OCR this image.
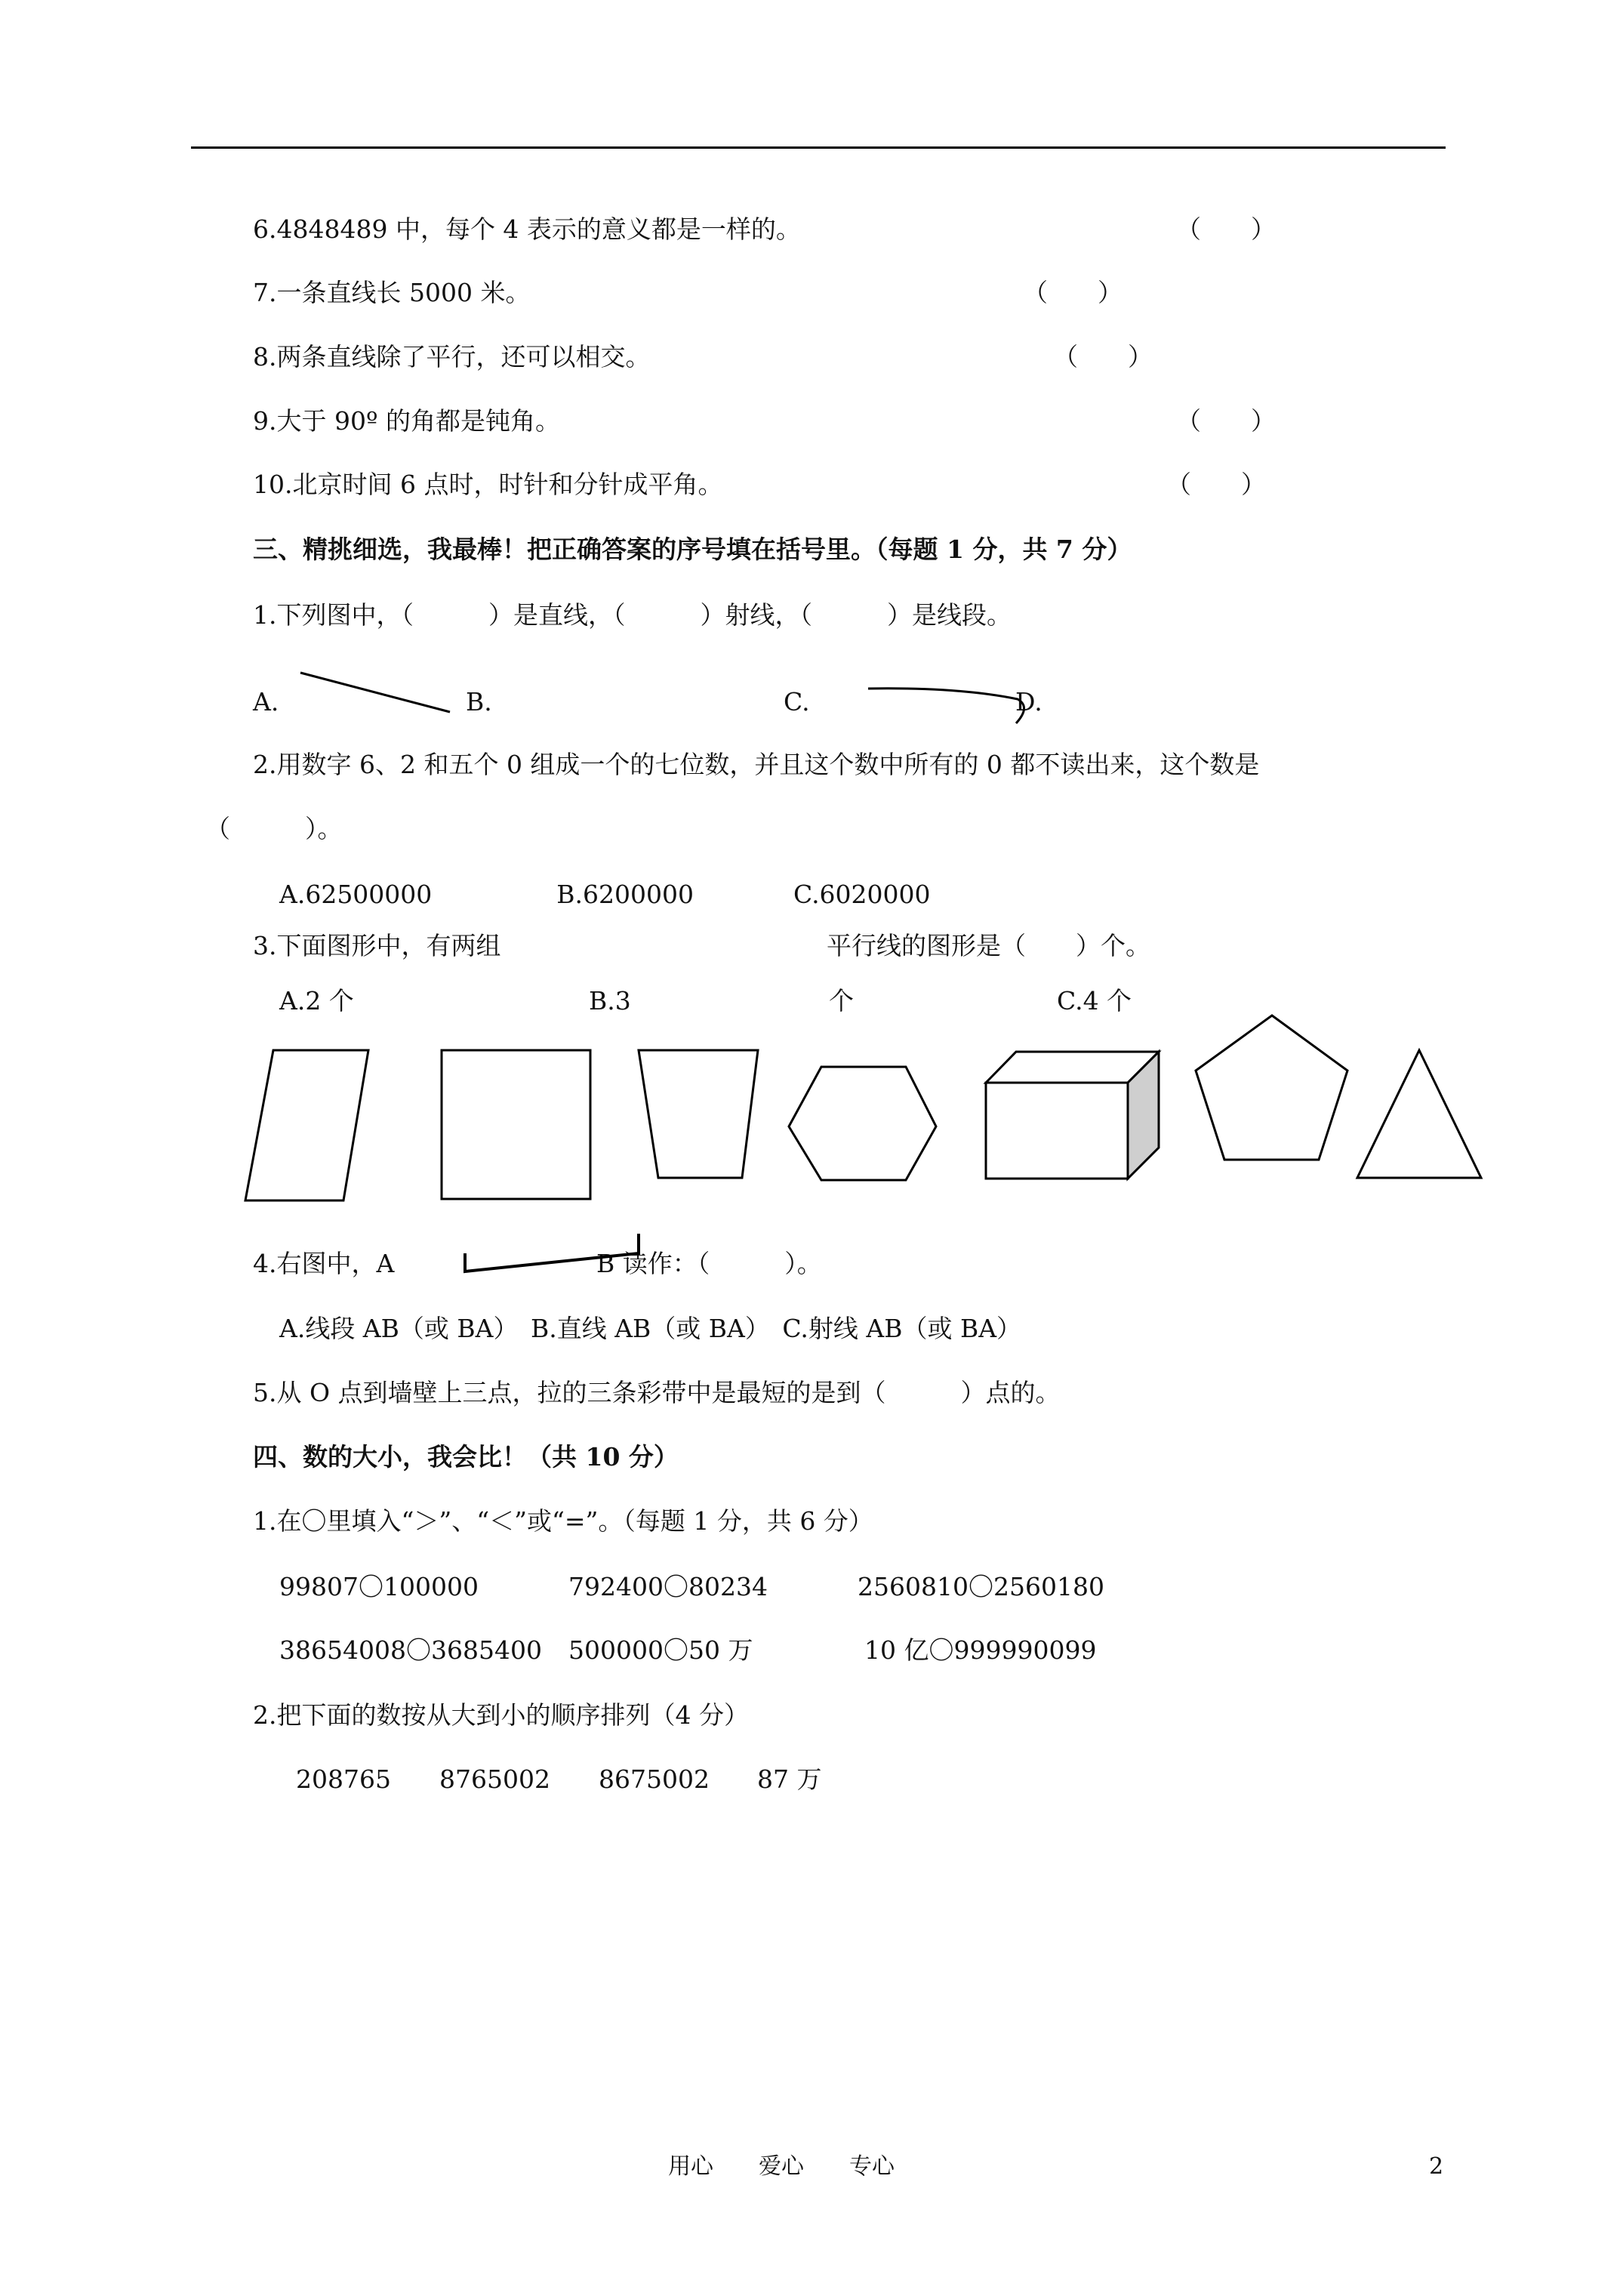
6.4848489 中，每个 4 表示的意义都是一样的。	（　　）
7.一条直线长 5000 米。	（　　）
8.两条直线除了平行，还可以相交。	（　　）
9.大于 90º 的角都是钝角。	（　　）
10.北京时间 6 点时，时针和分针成平角。	（　　）
三、精挑细选，我最棒！把正确答案的序号填在括号里。（每题 1 分，共 7 分）
1.下列图中，（　　　）是直线，（　　　）射线，（　　　）是线段。
A.	B.	C.	D.
2.用数字 6、2 和五个 0 组成一个的七位数，并且这个数中所有的 0 都不读出来，这个数是
（　　　）。
A.62500000　　　　　B.6200000　　　　C.6020000
3.下面图形中，有两组	平行线的图形是（　　）个。
A.2 个	B.3	个	C.4 个
4.右图中，A	B 读作：（　　　）。
A.线段 AB（或 BA）　B.直线 AB（或 BA）　C.射线 AB（或 BA）
5.从 O 点到墙壁上三点，拉的三条彩带中是最短的是到（　　　）点的。
四、数的大小，我会比！（共 10 分）
1.在〇里填入“＞”、“＜”或“=”。（每题 1 分，共 6 分）
99807〇100000	792400〇80234	2560810〇2560180
38654008〇3685400 500000〇50 万	10 亿〇999990099
2.把下面的数按从大到小的顺序排列（4 分）
208765 8765002 8675002 87 万
用心　　爱心　　专心	2
